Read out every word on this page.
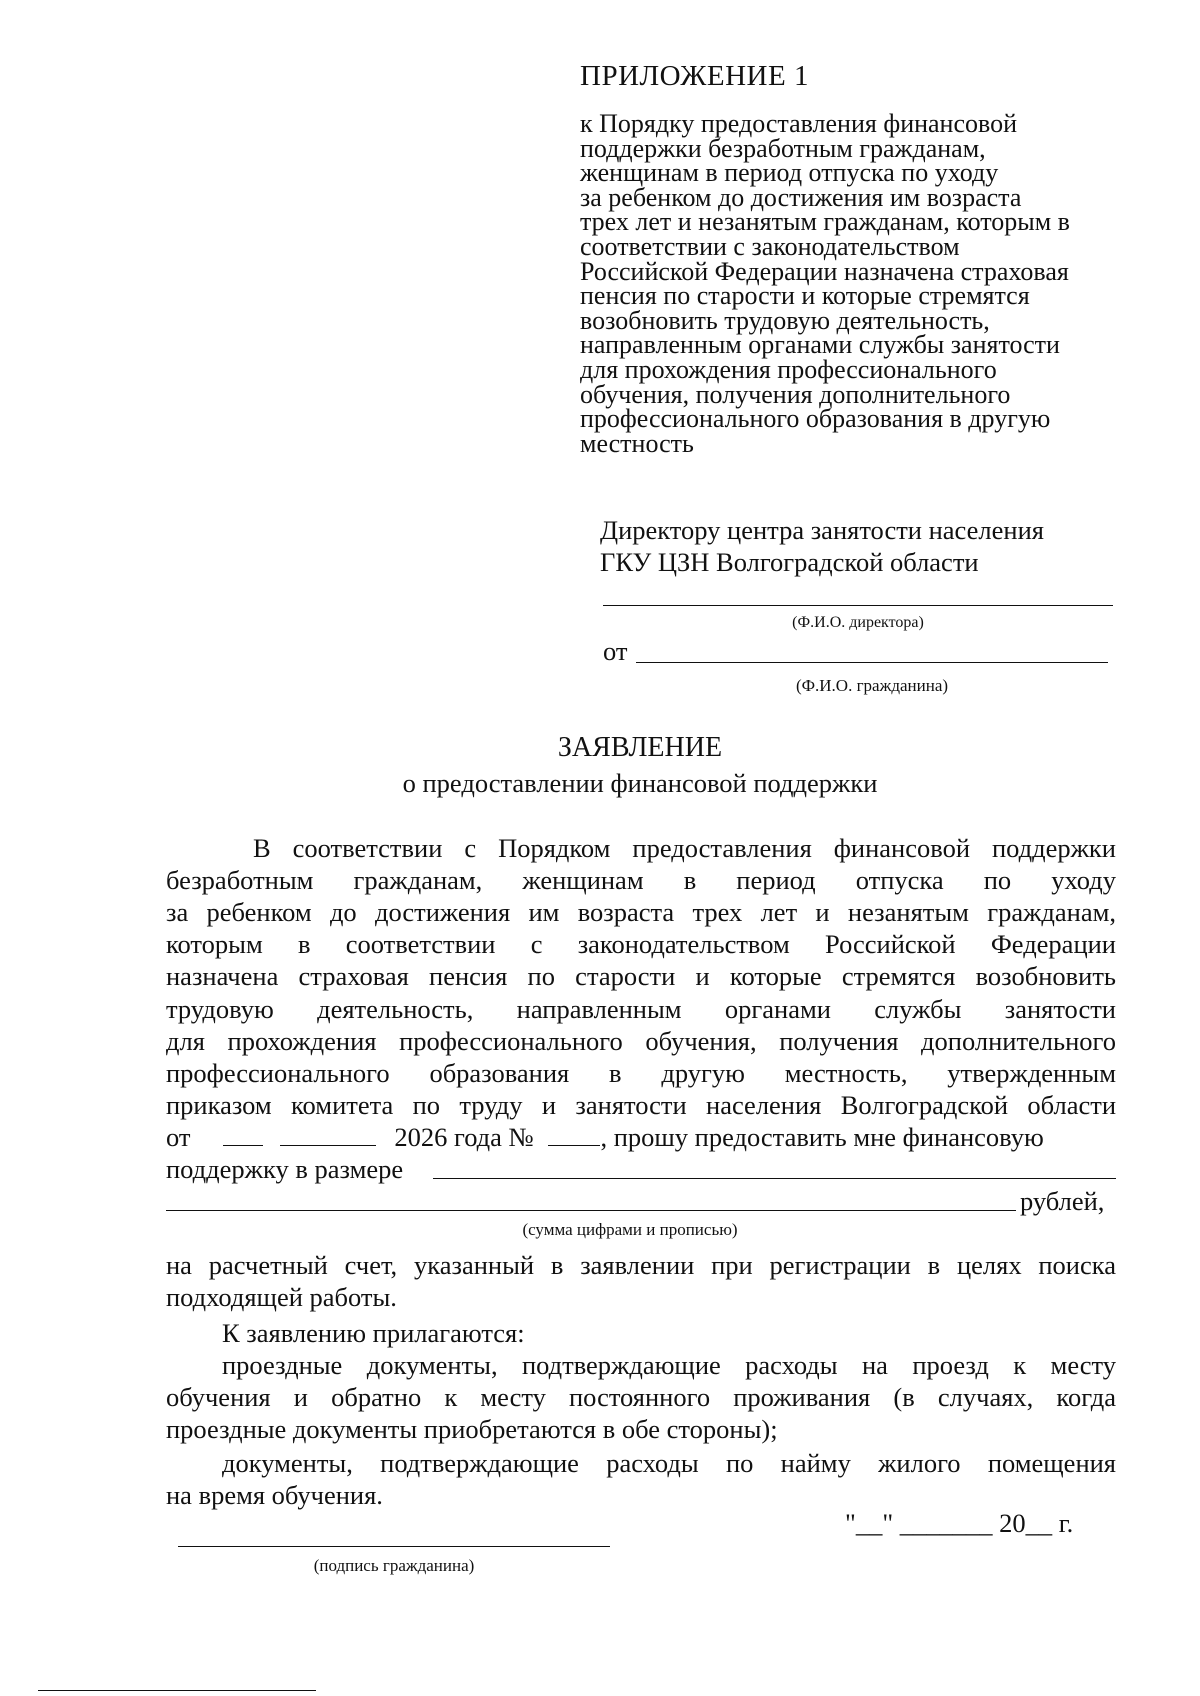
ПРИЛОЖЕНИЕ 1
к Порядку предоставления финансовой
поддержки безработным гражданам,
женщинам в период отпуска по уходу
за ребенком до достижения им возраста
трех лет и незанятым гражданам, которым в
соответствии с законодательством
Российской Федерации назначена страховая
пенсия по старости и которые стремятся
возобновить трудовую деятельность,
направленным органами службы занятости
для прохождения профессионального
обучения, получения дополнительного
профессионального образования в другую
местность
Директору центра занятости населения
ГКУ ЦЗН Волгоградской области
(Ф.И.О. директора)
от
(Ф.И.О. гражданина)
ЗАЯВЛЕНИЕ
о предоставлении финансовой поддержки
В соответствии с Порядком предоставления финансовой поддержки
безработным гражданам, женщинам в период отпуска по уходу
за ребенком до достижения им возраста трех лет и незанятым гражданам,
которым в соответствии с законодательством Российской Федерации
назначена страховая пенсия по старости и которые стремятся возобновить
трудовую деятельность, направленным органами службы занятости
для прохождения профессионального обучения, получения дополнительного
профессионального образования в другую местность, утвержденным
приказом комитета по труду и занятости населения Волгоградской области
от	2026 года №	, прошу предоставить мне финансовую
поддержку в размере
рублей,
(сумма цифрами и прописью)
на расчетный счет, указанный в заявлении при регистрации в целях поиска
подходящей работы.
К заявлению прилагаются:
проездные документы, подтверждающие расходы на проезд к месту
обучения и обратно к месту постоянного проживания (в случаях, когда
проездные документы приобретаются в обе стороны);
документы, подтверждающие расходы по найму жилого помещения
на время обучения.
"__" _______ 20__ г.
(подпись гражданина)
